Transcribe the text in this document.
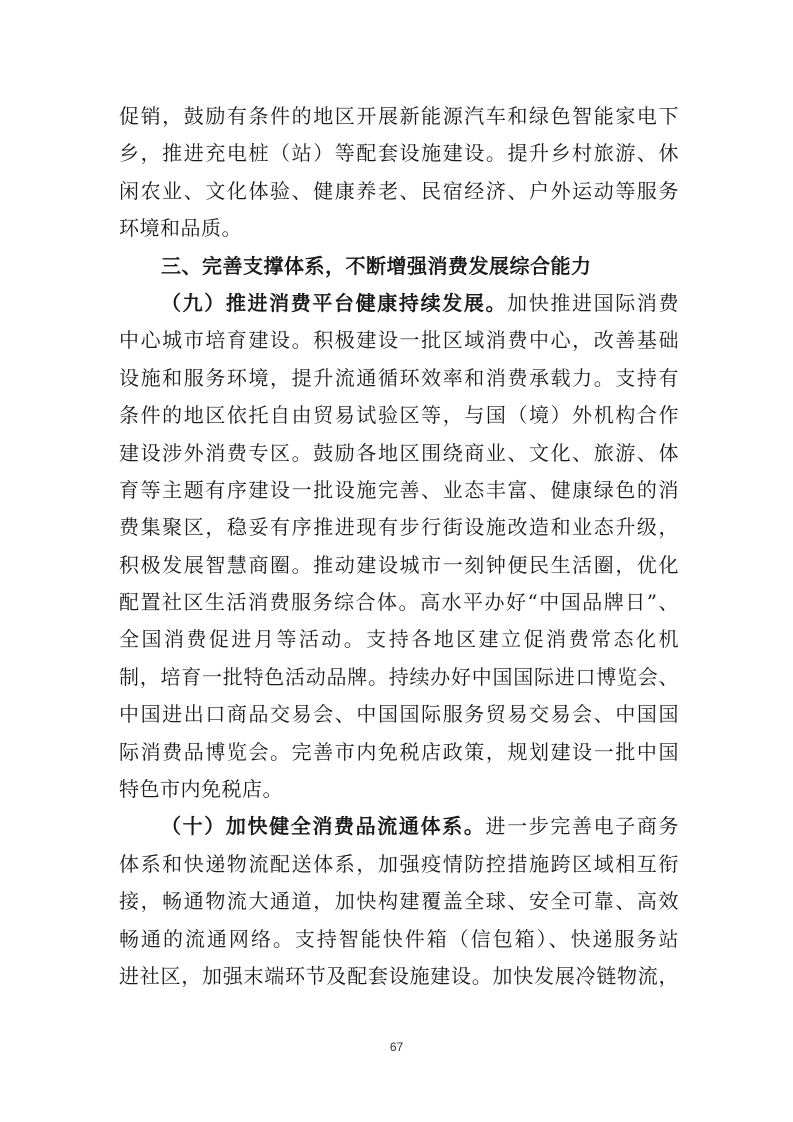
促销，鼓励有条件的地区开展新能源汽车和绿色智能家电下
乡，推进充电桩（站）等配套设施建设。提升乡村旅游、休
闲农业、文化体验、健康养老、民宿经济、户外运动等服务
环境和品质。
三、完善支撑体系，不断增强消费发展综合能力
（九）推进消费平台健康持续发展。加快推进国际消费
中心城市培育建设。积极建设一批区域消费中心，改善基础
设施和服务环境，提升流通循环效率和消费承载力。支持有
条件的地区依托自由贸易试验区等，与国（境）外机构合作
建设涉外消费专区。鼓励各地区围绕商业、文化、旅游、体
育等主题有序建设一批设施完善、业态丰富、健康绿色的消
费集聚区，稳妥有序推进现有步行街设施改造和业态升级，
积极发展智慧商圈。推动建设城市一刻钟便民生活圈，优化
配置社区生活消费服务综合体。高水平办好“中国品牌日”、
全国消费促进月等活动。支持各地区建立促消费常态化机
制，培育一批特色活动品牌。持续办好中国国际进口博览会、
中国进出口商品交易会、中国国际服务贸易交易会、中国国
际消费品博览会。完善市内免税店政策，规划建设一批中国
特色市内免税店。
（十）加快健全消费品流通体系。进一步完善电子商务
体系和快递物流配送体系，加强疫情防控措施跨区域相互衔
接，畅通物流大通道，加快构建覆盖全球、安全可靠、高效
畅通的流通网络。支持智能快件箱（信包箱）、快递服务站
进社区，加强末端环节及配套设施建设。加快发展冷链物流，
67
